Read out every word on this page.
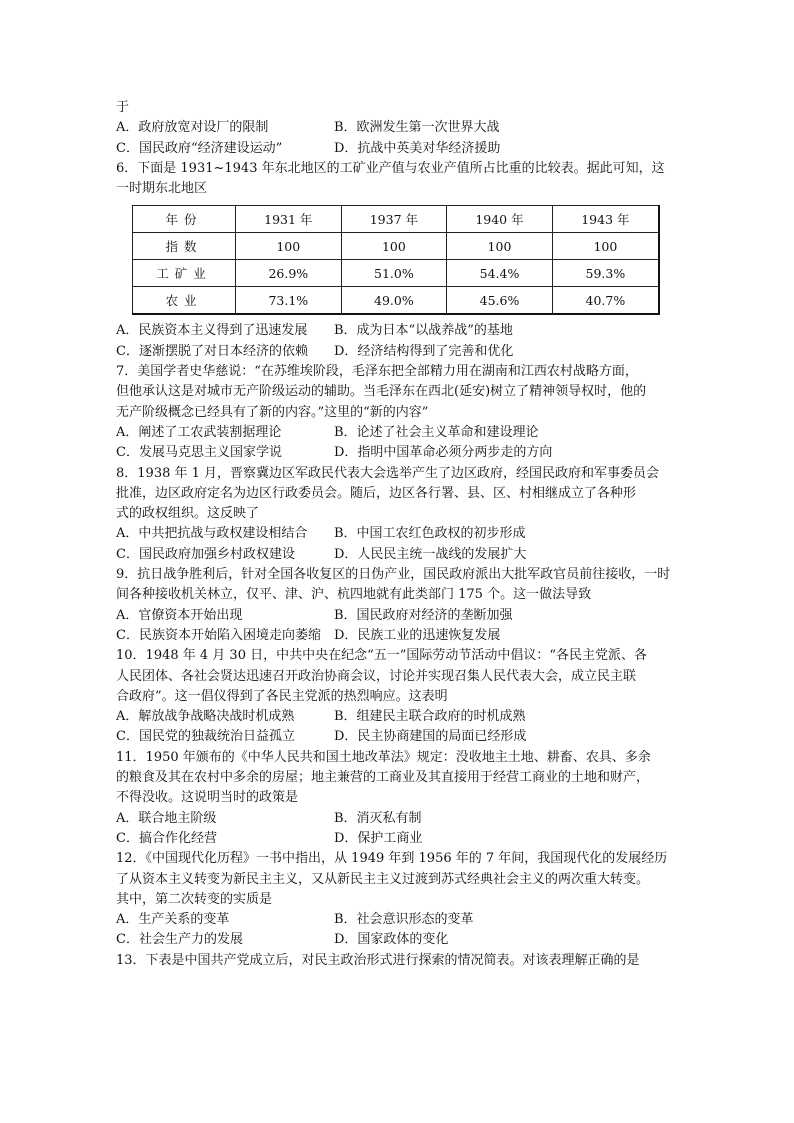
于
A．政府放宽对设厂的限制	B．欧洲发生第一次世界大战
C．国民政府“经济建设运动”	D．抗战中英美对华经济援助
6．下面是 1931~1943 年东北地区的工矿业产值与农业产值所占比重的比较表。据此可知，这
一时期东北地区
年份	1931 年	1937 年	1940 年	1943 年
指数	100	100	100	100
工矿业	26.9%	51.0%	54.4%	59.3%
农业	73.1%	49.0%	45.6%	40.7%
A．民族资本主义得到了迅速发展	B．成为日本“以战养战”的基地
C．逐渐摆脱了对日本经济的依赖	D．经济结构得到了完善和优化
7．美国学者史华慈说：“在苏维埃阶段，毛泽东把全部精力用在湖南和江西农村战略方面，
但他承认这是对城市无产阶级运动的辅助。当毛泽东在西北(延安)树立了精神领导权时，他的
无产阶级概念已经具有了新的内容。”这里的“新的内容”
A．阐述了工农武装割据理论	B．论述了社会主义革命和建设理论
C．发展马克思主义国家学说	D．指明中国革命必须分两步走的方向
8．1938 年 1 月，晋察冀边区军政民代表大会选举产生了边区政府，经国民政府和军事委员会
批准，边区政府定名为边区行政委员会。随后，边区各行署、县、区、村相继成立了各种形
式的政权组织。这反映了
A．中共把抗战与政权建设相结合	B．中国工农红色政权的初步形成
C．国民政府加强乡村政权建设	D．人民民主统一战线的发展扩大
9．抗日战争胜利后，针对全国各收复区的日伪产业，国民政府派出大批军政官员前往接收，一时
间各种接收机关林立，仅平、津、沪、杭四地就有此类部门 175 个。这一做法导致
A．官僚资本开始出现	B．国民政府对经济的垄断加强
C．民族资本开始陷入困境走向萎缩	D．民族工业的迅速恢复发展
10．1948 年 4 月 30 日，中共中央在纪念“五一”国际劳动节活动中倡议：“各民主党派、各
人民团体、各社会贤达迅速召开政治协商会议，讨论并实现召集人民代表大会，成立民主联
合政府”。这一倡仪得到了各民主党派的热烈响应。这表明
A．解放战争战略决战时机成熟	B．组建民主联合政府的时机成熟
C．国民党的独裁统治日益孤立	D．民主协商建国的局面已经形成
11．1950 年颁布的《中华人民共和国土地改革法》规定：没收地主土地、耕畜、农具、多余
的粮食及其在农村中多余的房屋；地主兼营的工商业及其直接用于经营工商业的土地和财产，
不得没收。这说明当时的政策是
A．联合地主阶级	B．消灭私有制
C．搞合作化经营	D．保护工商业
12．《中国现代化历程》一书中指出，从 1949 年到 1956 年的 7 年间，我国现代化的发展经历
了从资本主义转变为新民主主义，又从新民主主义过渡到苏式经典社会主义的两次重大转变。
其中，第二次转变的实质是
A．生产关系的变革	B．社会意识形态的变革
C．社会生产力的发展	D．国家政体的变化
13．下表是中国共产党成立后，对民主政治形式进行探索的情况简表。对该表理解正确的是
